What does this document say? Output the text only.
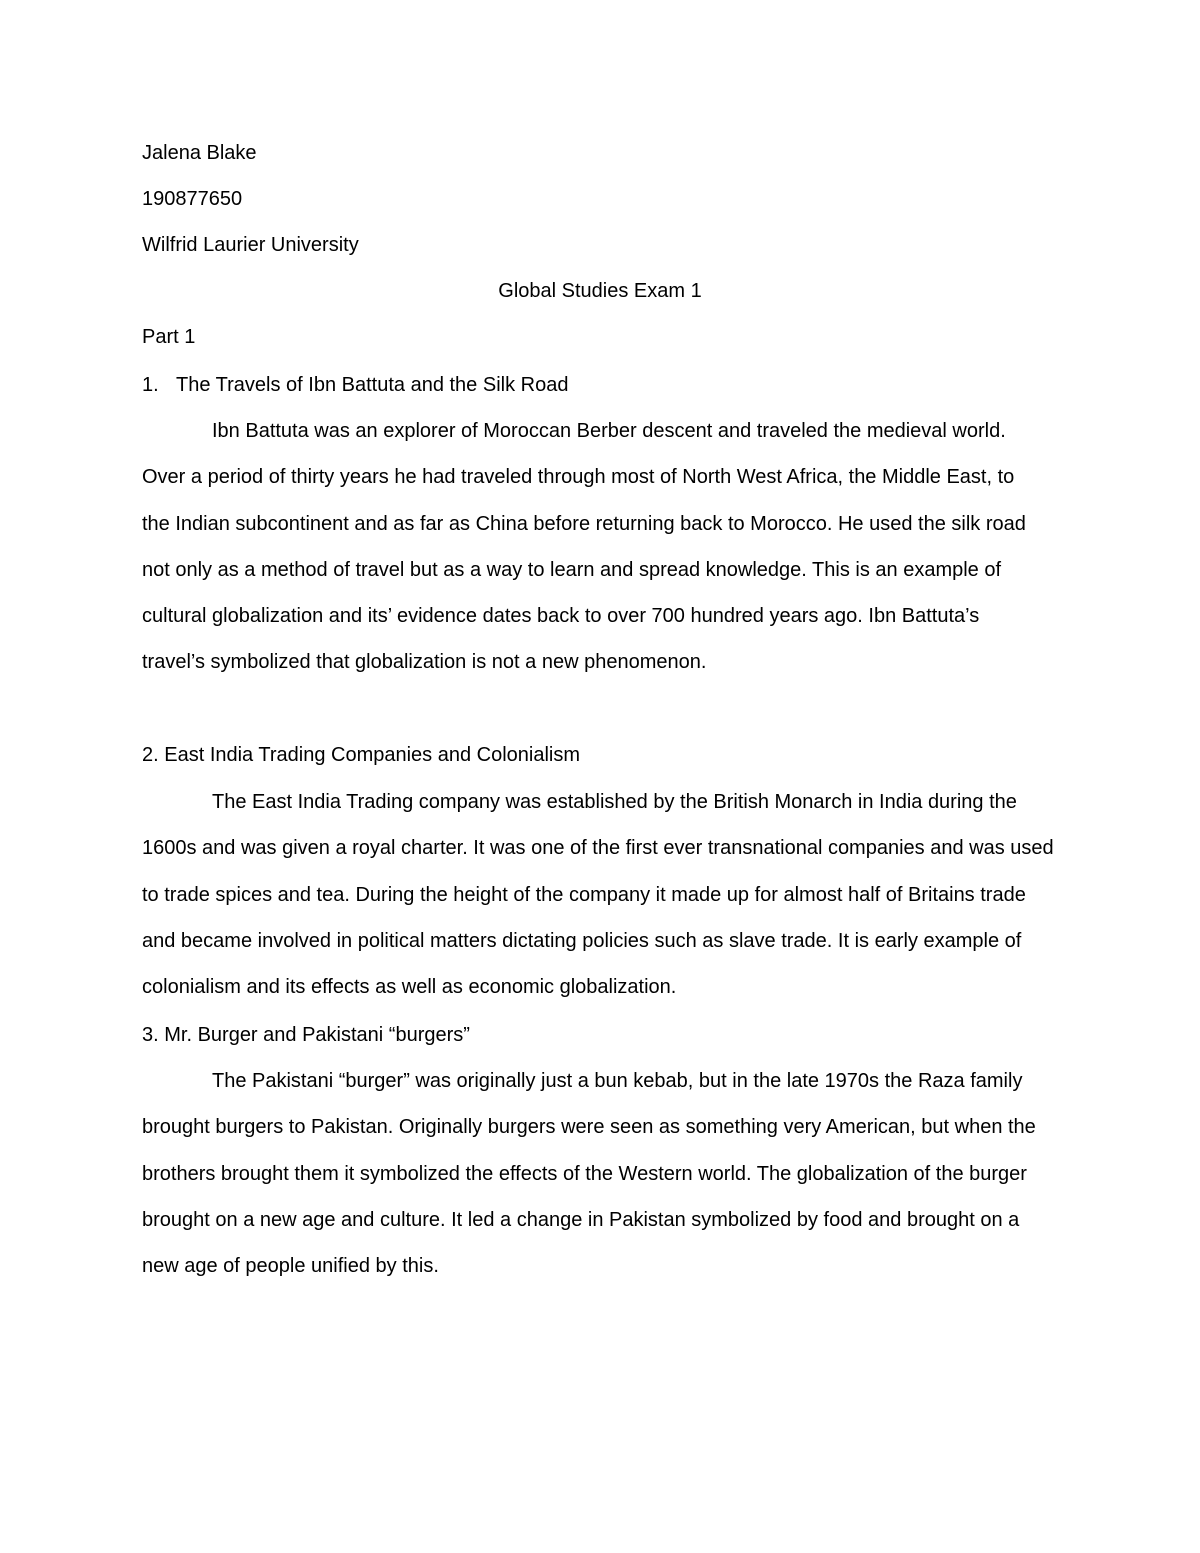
Jalena Blake

190877650

Wilfrid Laurier University

Global Studies Exam 1

Part 1

1. The Travels of Ibn Battuta and the Silk Road

Ibn Battuta was an explorer of Moroccan Berber descent and traveled the medieval world. Over a period of thirty years he had traveled through most of North West Africa, the Middle East, to the Indian subcontinent and as far as China before returning back to Morocco. He used the silk road not only as a method of travel but as a way to learn and spread knowledge. This is an example of cultural globalization and its’ evidence dates back to over 700 hundred years ago. Ibn Battuta’s travel’s symbolized that globalization is not a new phenomenon.

2. East India Trading Companies and Colonialism

The East India Trading company was established by the British Monarch in India during the 1600s and was given a royal charter. It was one of the first ever transnational companies and was used to trade spices and tea. During the height of the company it made up for almost half of Britains trade and became involved in political matters dictating policies such as slave trade. It is early example of colonialism and its effects as well as economic globalization.

3. Mr. Burger and Pakistani “burgers”

The Pakistani “burger” was originally just a bun kebab, but in the late 1970s the Raza family brought burgers to Pakistan. Originally burgers were seen as something very American, but when the brothers brought them it symbolized the effects of the Western world. The globalization of the burger brought on a new age and culture. It led a change in Pakistan symbolized by food and brought on a new age of people unified by this.
